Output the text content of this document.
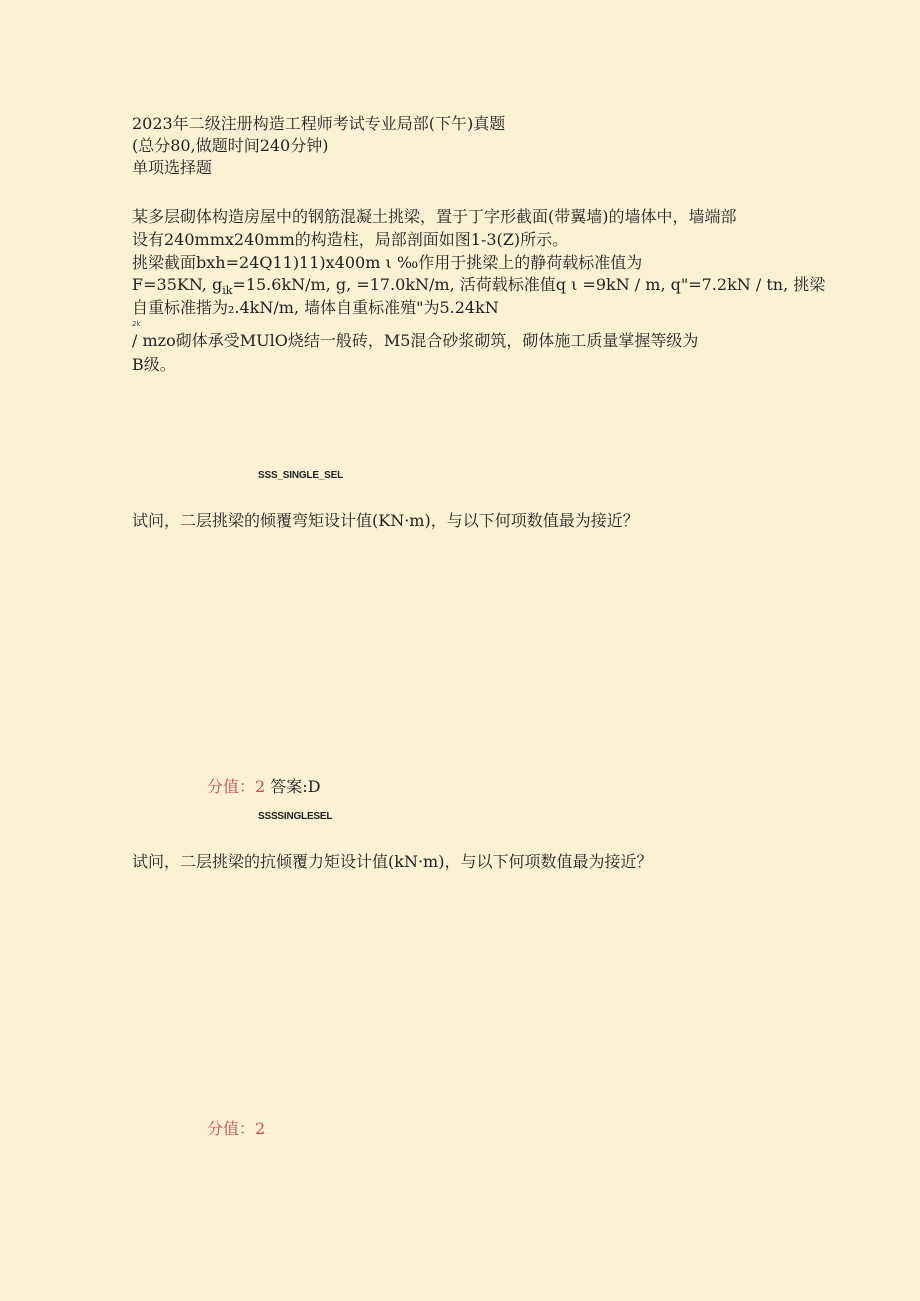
2023年二级注册构造工程师考试专业局部(下午)真题
(总分80,做题时间240分钟)
单项选择题
某多层砌体构造房屋中的钢筋混凝土挑梁，置于丁字形截面(带翼墙)的墙体中，墙端部
设有240mmx240mm的构造柱，局部剖面如图1-3(Z)所示。
挑梁截面bxh=24Q11)11)x400m ι ‰作用于挑梁上的静荷载标准值为
F=35KN, $g_{ik}=15.6kN/m$, g, =17.0kN/m, 活荷载标准值q ι =9kN / m, q"=7.2kN / tn, 挑梁
自重标准揩为₂.4kN/m, 墙体自重标准殖"为5.24kN
2k
/ mzo砌体承受MUlO烧结一般砖，M5混合砂浆砌筑，砌体施工质量掌握等级为
B级。
SSS_SINGLE_SEL
试问，二层挑梁的倾覆弯矩设计值(KN·m)，与以下何项数值最为接近？
分值：2 答案:D
SSSSINGLESEL
试问，二层挑梁的抗倾覆力矩设计值(kN·m)，与以下何项数值最为接近？
分值：2
